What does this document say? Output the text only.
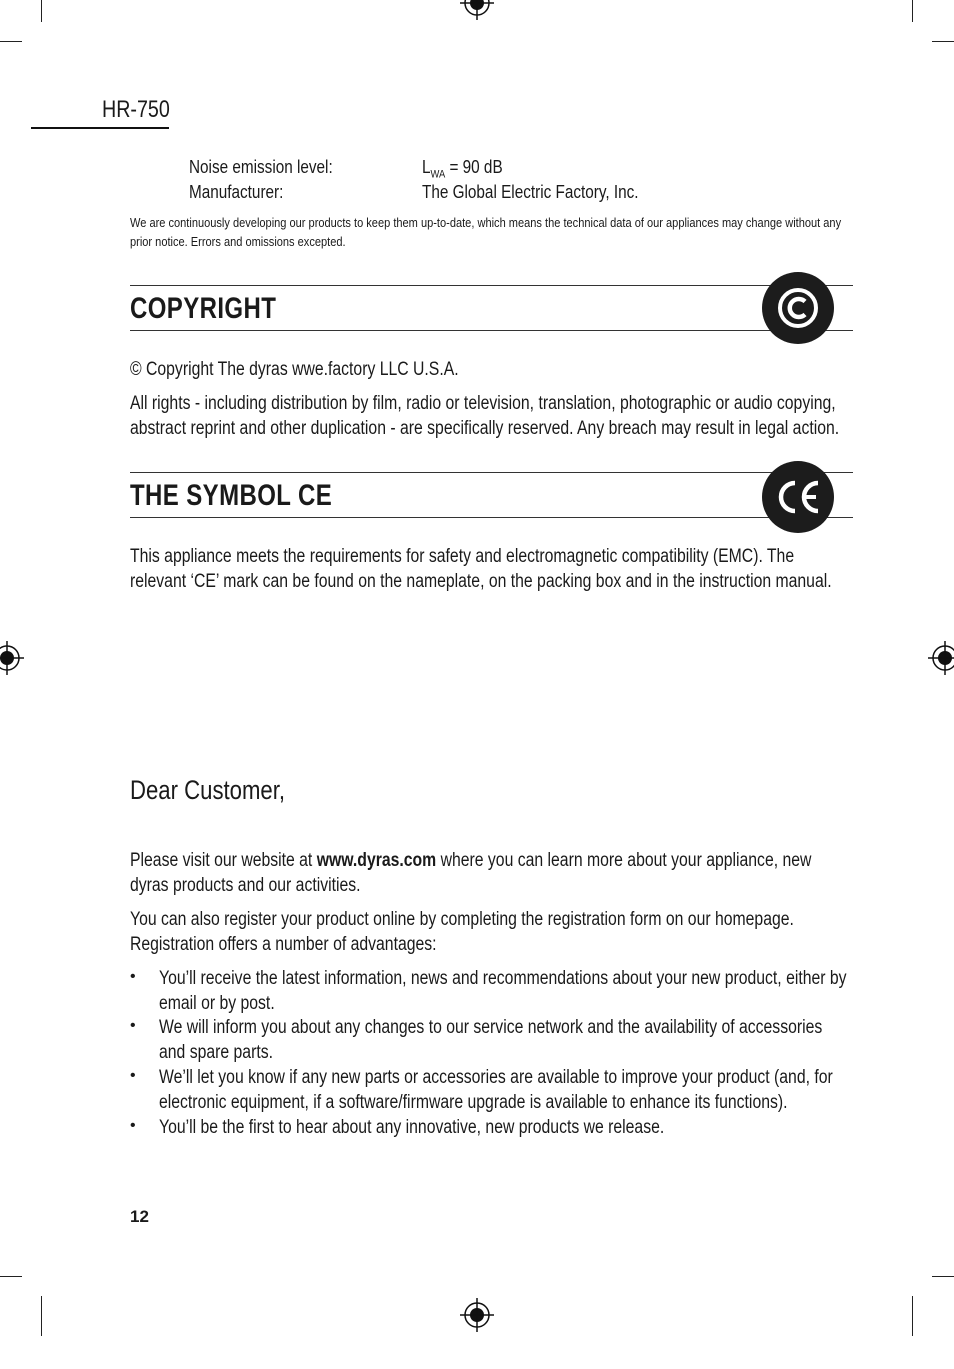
HR-750
Noise emission level:	$L_{WA} = 90$ dB
Manufacturer:	The Global Electric Factory, Inc.
We are continuously developing our products to keep them up-to-date, which means the technical data of our appliances may change without any prior notice. Errors and omissions excepted.
COPYRIGHT
© Copyright The dyras wwe.factory LLC U.S.A.
All rights - including distribution by film, radio or television, translation, photographic or audio copying, abstract reprint and other duplication - are specifically reserved. Any breach may result in legal action.
THE SYMBOL CE
This appliance meets the requirements for safety and electromagnetic compatibility (EMC). The relevant ‘CE’ mark can be found on the nameplate, on the packing box and in the instruction manual.
Dear Customer,
Please visit our website at www.dyras.com where you can learn more about your appliance, new dyras products and our activities.
You can also register your product online by completing the registration form on our homepage. Registration offers a number of advantages:
• You’ll receive the latest information, news and recommendations about your new product, either by email or by post.
• We will inform you about any changes to our service network and the availability of accessories and spare parts.
• We’ll let you know if any new parts or accessories are available to improve your product (and, for electronic equipment, if a software/firmware upgrade is available to enhance its functions).
• You’ll be the first to hear about any innovative, new products we release.
12
